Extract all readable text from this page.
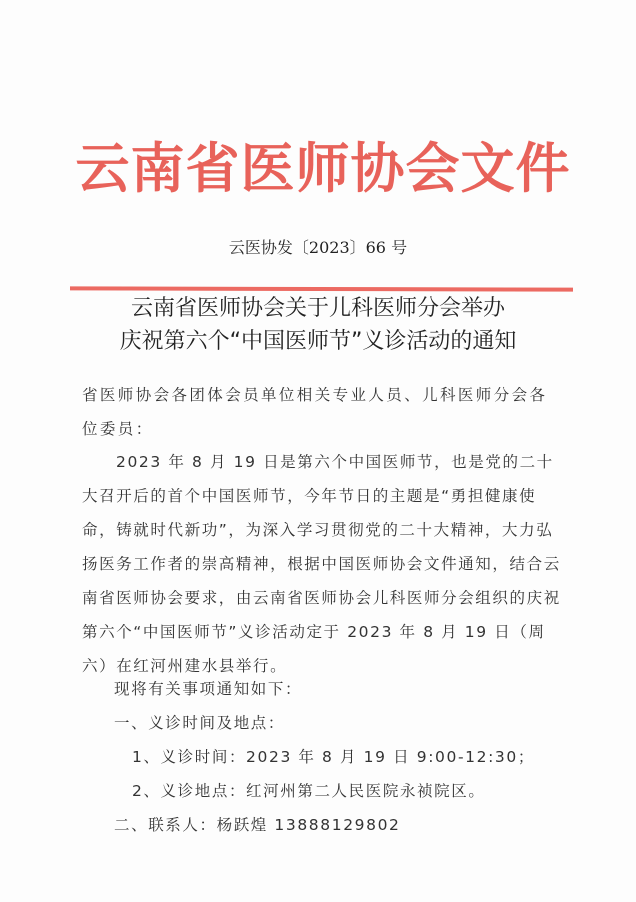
云南省医师协会文件
云医协发〔2023〕66 号
云南省医师协会关于儿科医师分会举办
庆祝第六个“中国医师节”义诊活动的通知
省医师协会各团体会员单位相关专业人员、儿科医师分会各位委员：
2023 年 8 月 19 日是第六个中国医师节，也是党的二十大召开后的首个中国医师节，今年节日的主题是“勇担健康使命，铸就时代新功”，为深入学习贯彻党的二十大精神，大力弘扬医务工作者的崇高精神，根据中国医师协会文件通知，结合云南省医师协会要求，由云南省医师协会儿科医师分会组织的庆祝第六个“中国医师节”义诊活动定于 2023 年 8 月 19 日（周六）在红河州建水县举行。
现将有关事项通知如下：
一、义诊时间及地点：
1、义诊时间：2023 年 8 月 19 日 9:00-12:30；
2、义诊地点：红河州第二人民医院永祯院区。
二、联系人：杨跃煌 13888129802
